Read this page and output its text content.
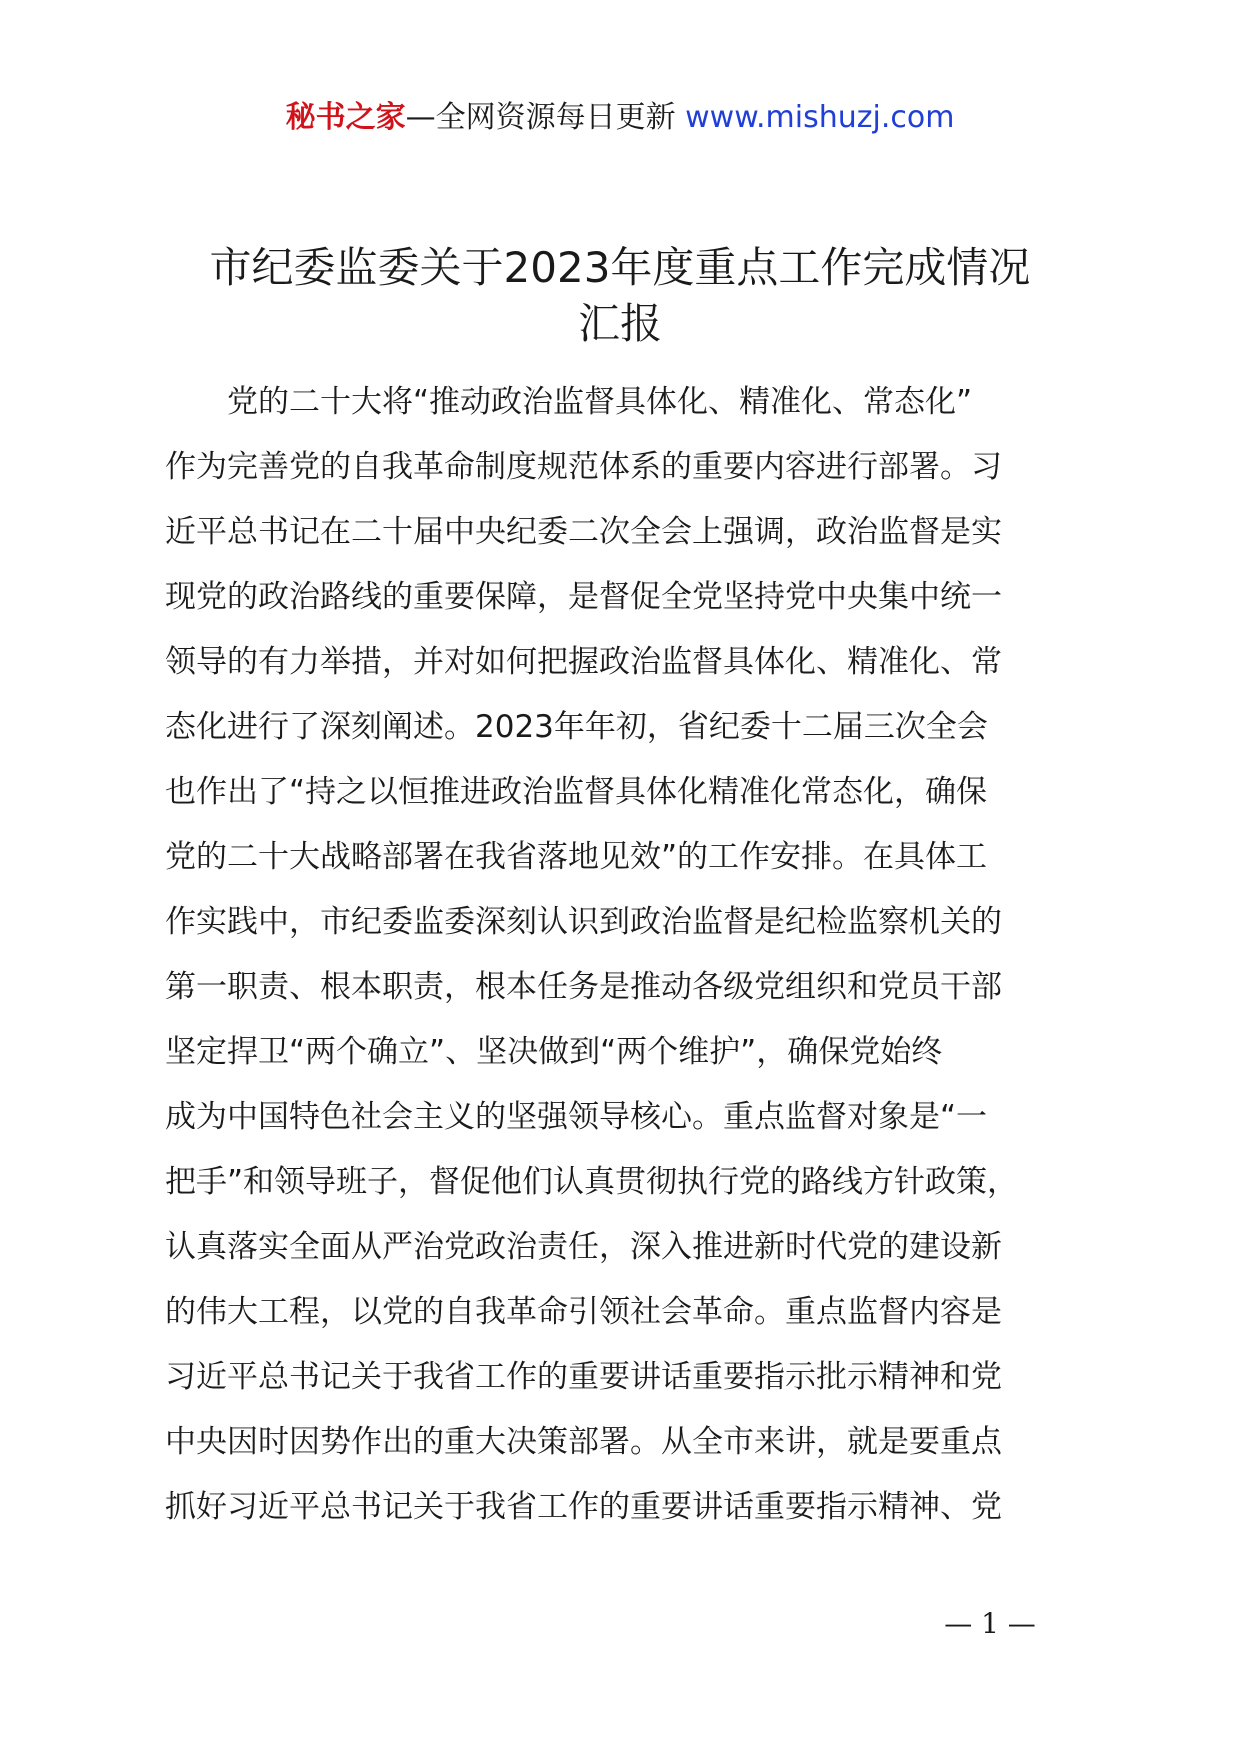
秘书之家—全网资源每日更新 www.mishuzj.com
市纪委监委关于2023年度重点工作完成情况
汇报
　　党的二十大将“推动政治监督具体化、精准化、常态化”
作为完善党的自我革命制度规范体系的重要内容进行部署。习
近平总书记在二十届中央纪委二次全会上强调，政治监督是实
现党的政治路线的重要保障，是督促全党坚持党中央集中统一
领导的有力举措，并对如何把握政治监督具体化、精准化、常
态化进行了深刻阐述。2023年年初，省纪委十二届三次全会
也作出了“持之以恒推进政治监督具体化精准化常态化，确保
党的二十大战略部署在我省落地见效”的工作安排。在具体工
作实践中，市纪委监委深刻认识到政治监督是纪检监察机关的
第一职责、根本职责，根本任务是推动各级党组织和党员干部
坚定捍卫“两个确立”、坚决做到“两个维护”，确保党始终
成为中国特色社会主义的坚强领导核心。重点监督对象是“一
把手”和领导班子，督促他们认真贯彻执行党的路线方针政策，
认真落实全面从严治党政治责任，深入推进新时代党的建设新
的伟大工程，以党的自我革命引领社会革命。重点监督内容是
习近平总书记关于我省工作的重要讲话重要指示批示精神和党
中央因时因势作出的重大决策部署。从全市来讲，就是要重点
抓好习近平总书记关于我省工作的重要讲话重要指示精神、党
— 1 —
